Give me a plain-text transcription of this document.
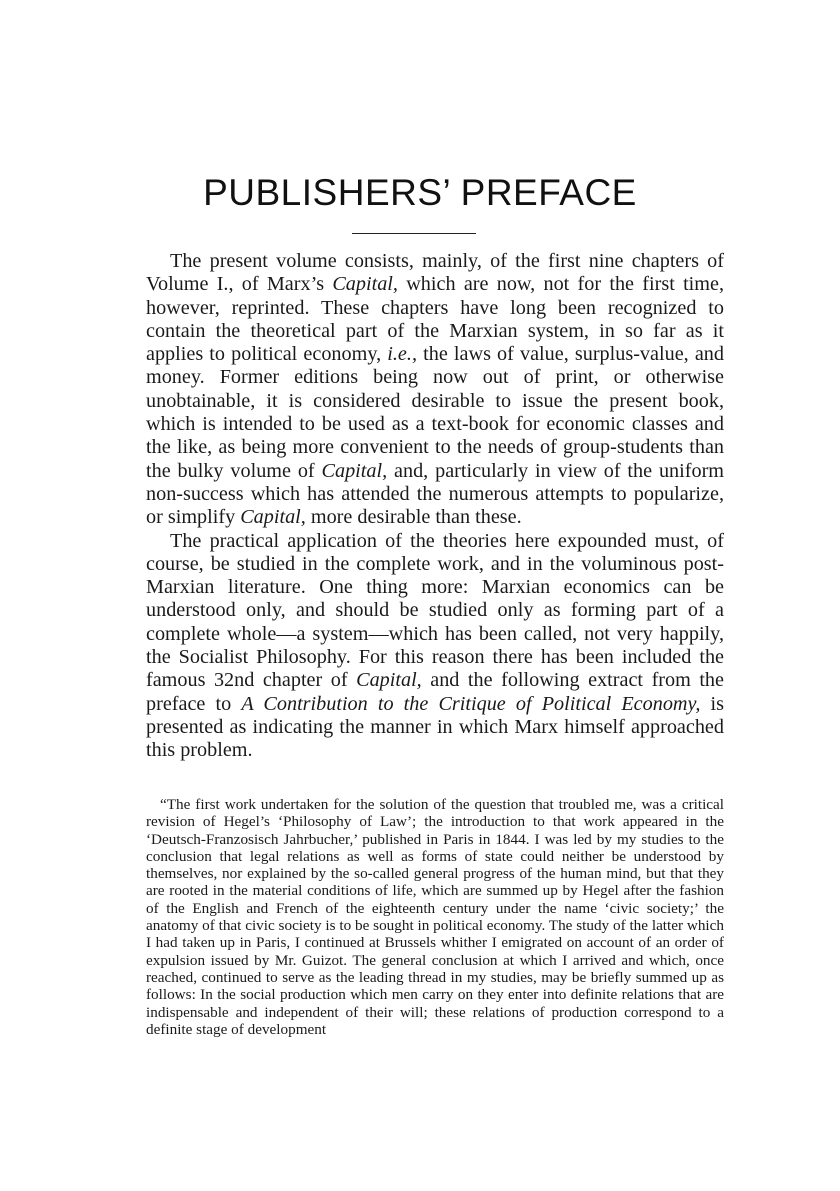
PUBLISHERS’ PREFACE

The present volume consists, mainly, of the first nine chapters of Volume I., of Marx’s Capital, which are now, not for the first time, however, reprinted. These chapters have long been recognized to contain the theoretical part of the Marxian system, in so far as it applies to political economy, i.e., the laws of value, surplus-value, and money. Former editions being now out of print, or otherwise unobtainable, it is considered desirable to issue the present book, which is intended to be used as a text-book for economic classes and the like, as being more convenient to the needs of group-students than the bulky volume of Capital, and, particularly in view of the uniform non-success which has attended the numerous attempts to popularize, or simplify Capital, more desirable than these.

The practical application of the theories here expounded must, of course, be studied in the complete work, and in the voluminous post-Marxian literature. One thing more: Marxian economics can be understood only, and should be studied only as forming part of a complete whole—a system—which has been called, not very happily, the Socialist Philosophy. For this reason there has been included the famous 32nd chapter of Capital, and the following extract from the preface to A Contribution to the Critique of Political Economy, is presented as indicating the manner in which Marx himself approached this problem.

“The first work undertaken for the solution of the question that troubled me, was a critical revision of Hegel’s ‘Philosophy of Law’; the introduction to that work appeared in the ‘Deutsch-Franzosisch Jahrbucher,’ published in Paris in 1844. I was led by my studies to the conclusion that legal relations as well as forms of state could neither be understood by themselves, nor explained by the so-called general progress of the human mind, but that they are rooted in the material conditions of life, which are summed up by Hegel after the fashion of the English and French of the eighteenth century under the name ‘civic society;’ the anatomy of that civic society is to be sought in political economy. The study of the latter which I had taken up in Paris, I continued at Brussels whither I emigrated on account of an order of expulsion issued by Mr. Guizot. The general conclusion at which I arrived and which, once reached, continued to serve as the leading thread in my studies, may be briefly summed up as follows: In the social production which men carry on they enter into definite relations that are indispensable and independent of their will; these relations of production correspond to a definite stage of development
